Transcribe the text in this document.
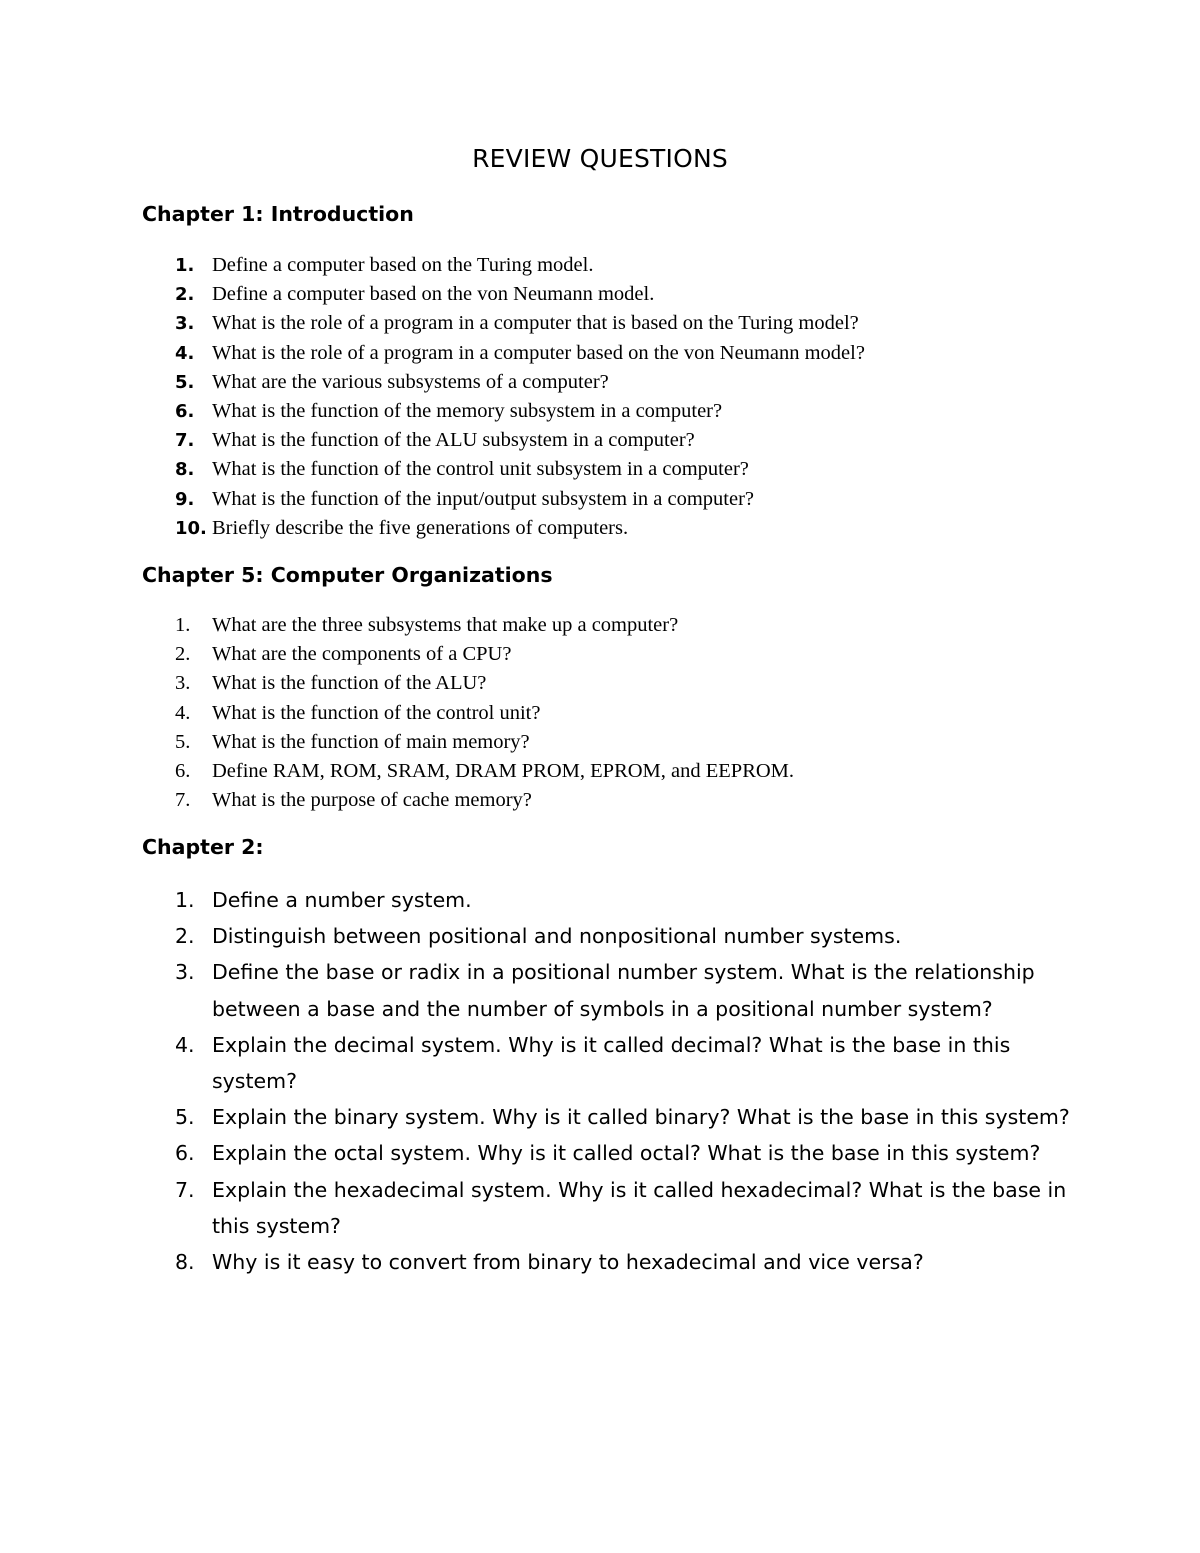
REVIEW QUESTIONS
Chapter 1: Introduction
1. Define a computer based on the Turing model.
2. Define a computer based on the von Neumann model.
3. What is the role of a program in a computer that is based on the Turing model?
4. What is the role of a program in a computer based on the von Neumann model?
5. What are the various subsystems of a computer?
6. What is the function of the memory subsystem in a computer?
7. What is the function of the ALU subsystem in a computer?
8. What is the function of the control unit subsystem in a computer?
9. What is the function of the input/output subsystem in a computer?
10. Briefly describe the five generations of computers.
Chapter 5: Computer Organizations
1.	What are the three subsystems that make up a computer?
2.	What are the components of a CPU?
3.	What is the function of the ALU?
4.	What is the function of the control unit?
5.	What is the function of main memory?
6.	Define RAM, ROM, SRAM, DRAM PROM, EPROM, and EEPROM.
7.	What is the purpose of cache memory?
Chapter 2:
1. Define a number system.
2. Distinguish between positional and nonpositional number systems.
3. Define the base or radix in a positional number system. What is the relationship between a base and the number of symbols in a positional number system?
4. Explain the decimal system. Why is it called decimal? What is the base in this system?
5. Explain the binary system. Why is it called binary? What is the base in this system?
6. Explain the octal system. Why is it called octal? What is the base in this system?
7. Explain the hexadecimal system. Why is it called hexadecimal? What is the base in this system?
8. Why is it easy to convert from binary to hexadecimal and vice versa?
